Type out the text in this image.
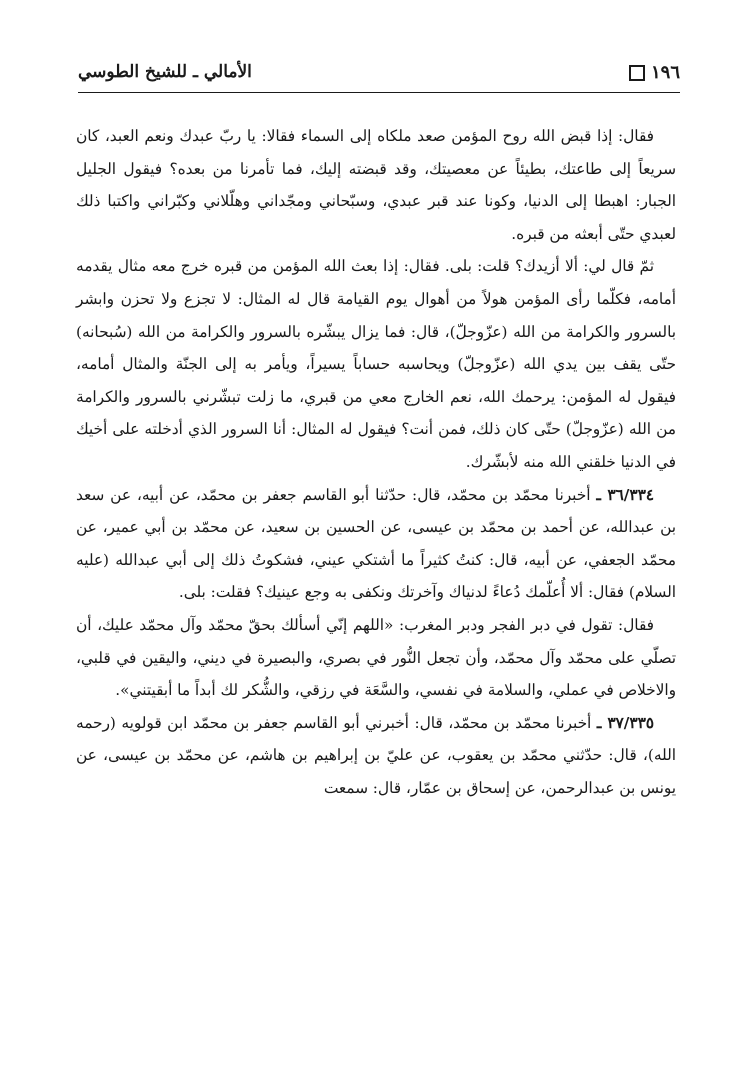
١٩٦
الأمالي ـ للشيخ الطوسي

فقال: إذا قبض الله روح المؤمن صعد ملكاه إلى السماء فقالا: يا ربّ عبدك ونعم العبد، كان سريعاً إلى طاعتك، بطيئاً عن معصيتك، وقد قبضته إليك، فما تأمرنا من بعده؟ فيقول الجليل الجبار: اهبطا إلى الدنيا، وكونا عند قبر عبدي، وسبّحاني ومجّداني وهلّلاني وكبّراني واكتبا ذلك لعبدي حتّى أبعثه من قبره.

ثمّ قال لي: ألا أزيدك؟ قلت: بلى. فقال: إذا بعث الله المؤمن من قبره خرج معه مثال يقدمه أمامه، فكلّما رأى المؤمن هولاً من أهوال يوم القيامة قال له المثال: لا تجزع ولا تحزن وابشر بالسرور والكرامة من الله (عزّوجلّ)، قال: فما يزال يبشّره بالسرور والكرامة من الله (سُبحانه) حتّى يقف بين يدي الله (عزّوجلّ) ويحاسبه حساباً يسيراً، ويأمر به إلى الجنّة والمثال أمامه، فيقول له المؤمن: يرحمك الله، نعم الخارج معي من قبري، ما زلت تبشّرني بالسرور والكرامة من الله (عزّوجلّ) حتّى كان ذلك، فمن أنت؟ فيقول له المثال: أنا السرور الذي أدخلته على أخيك في الدنيا خلقني الله منه لأبشّرك.

٣٦/٣٣٤ ـ أخبرنا محمّد بن محمّد، قال: حدّثنا أبو القاسم جعفر بن محمّد، عن أبيه، عن سعد بن عبدالله، عن أحمد بن محمّد بن عيسى، عن الحسين بن سعيد، عن محمّد بن أبي عمير، عن محمّد الجعفي، عن أبيه، قال: كنتُ كثيراً ما أشتكي عيني، فشكوتُ ذلك إلى أبي عبدالله (عليه السلام) فقال: ألا أُعلّمك دُعاءً لدنياك وآخرتك ونكفى به وجع عينيك؟ فقلت: بلى.

فقال: تقول في دبر الفجر ودبر المغرب: «اللهم إنّي أسألك بحقّ محمّد وآل محمّد عليك، أن تصلّي على محمّد وآل محمّد، وأن تجعل النُّور في بصري، والبصيرة في ديني، واليقين في قلبي، والاخلاص في عملي، والسلامة في نفسي، والسَّعَة في رزقي، والشُّكر لك أبداً ما أبقيتني».

٣٧/٣٣٥ ـ أخبرنا محمّد بن محمّد، قال: أخبرني أبو القاسم جعفر بن محمّد ابن قولويه (رحمه الله)، قال: حدّثني محمّد بن يعقوب، عن عليّ بن إبراهيم بن هاشم، عن محمّد بن عيسى، عن يونس بن عبدالرحمن، عن إسحاق بن عمّار، قال: سمعت
